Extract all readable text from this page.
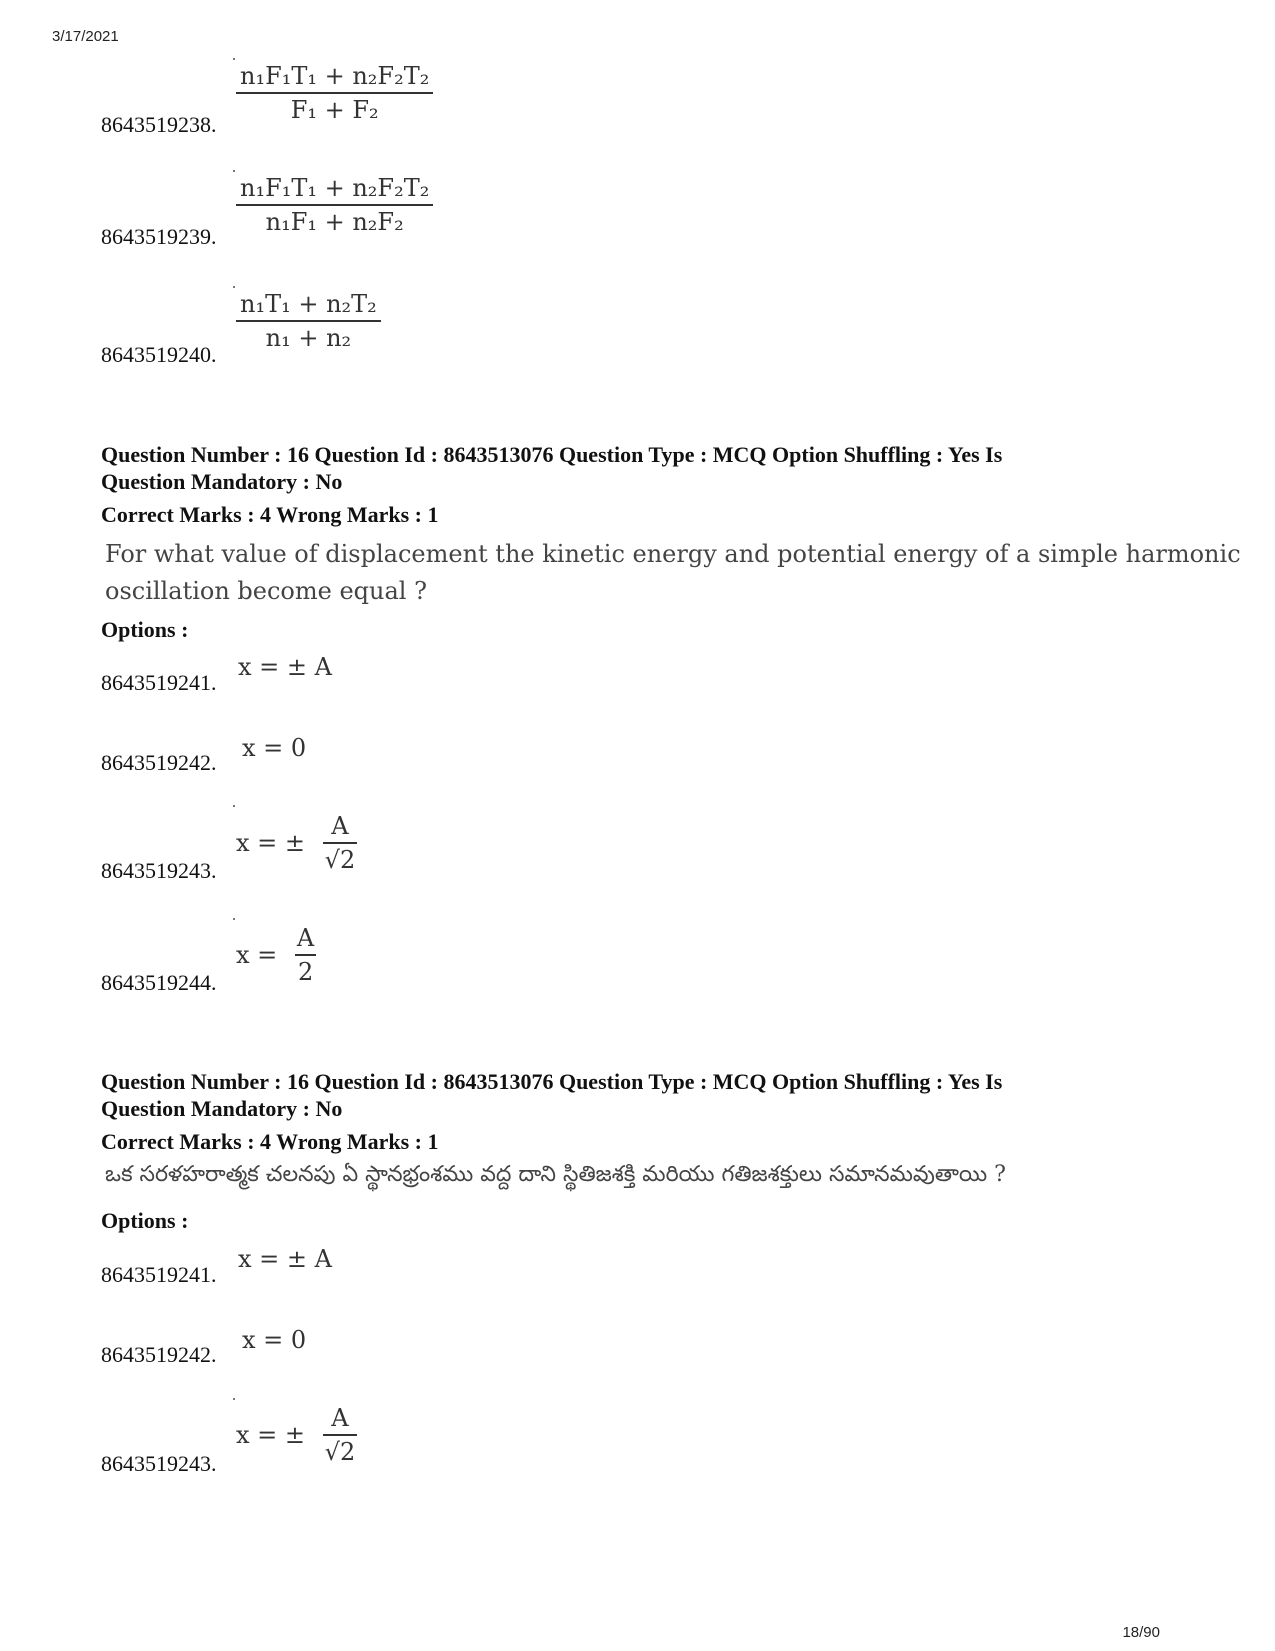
3/17/2021
18/90
8643519238.
$\frac{\text{n₁F₁T₁ + n₂F₂T₂}}{\text{F₁ + F₂}}$
8643519239.
$\frac{\text{n₁F₁T₁ + n₂F₂T₂}}{\text{n₁F₁ + n₂F₂}}$
8643519240.
$\frac{\text{n₁T₁ + n₂T₂}}{\text{n₁ + n₂}}$
Question Number : 16 Question Id : 8643513076 Question Type : MCQ Option Shuffling : Yes Is
Question Mandatory : No
Correct Marks : 4 Wrong Marks : 1
For what value of displacement the kinetic energy and potential energy of a simple harmonic
oscillation become equal ?
Options :
8643519241.
x = ± A
8643519242.
x = 0
8643519243.
x = ± $\frac{A}{√2}$
8643519244.
$x = \frac{A}{2}$
Question Number : 16 Question Id : 8643513076 Question Type : MCQ Option Shuffling : Yes Is
Question Mandatory : No
Correct Marks : 4 Wrong Marks : 1
ఒక సరళహరాత్మక చలనపు ఏ స్థానభ్రంశము వద్ద దాని స్థితిజశక్తి మరియు గతిజశక్తులు సమానమవుతాయి ?
Options :
8643519241.
x = ± A
8643519242.
x = 0
8643519243.
x = ± $\frac{A}{√2}$
